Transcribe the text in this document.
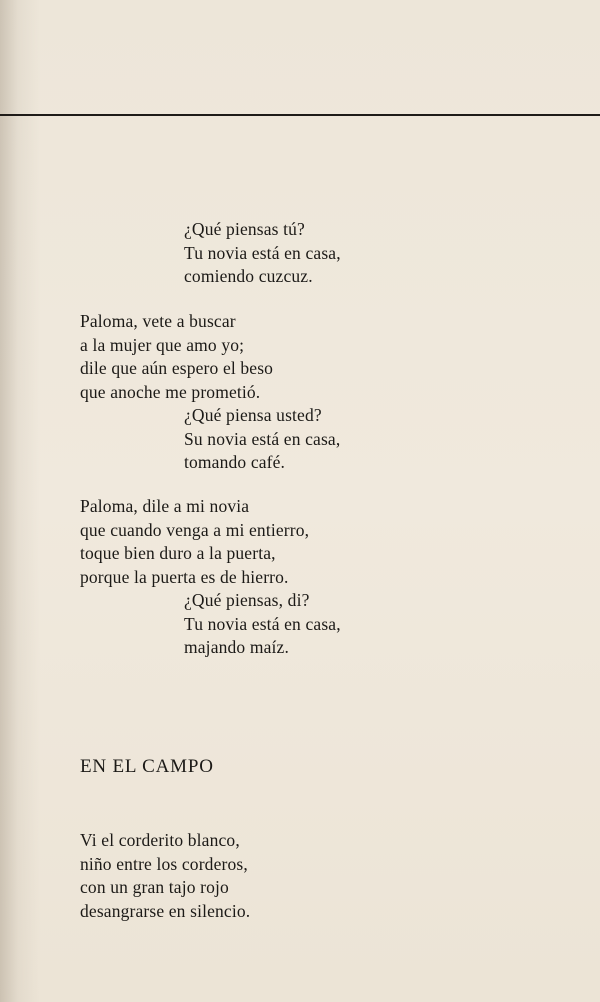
¿Qué piensas tú?
Tu novia está en casa,
comiendo cuzcuz.
Paloma, vete a buscar
a la mujer que amo yo;
dile que aún espero el beso
que anoche me prometió.
¿Qué piensa usted?
Su novia está en casa,
tomando café.
Paloma, dile a mi novia
que cuando venga a mi entierro,
toque bien duro a la puerta,
porque la puerta es de hierro.
¿Qué piensas, di?
Tu novia está en casa,
majando maíz.
EN EL CAMPO
Vi el corderito blanco,
niño entre los corderos,
con un gran tajo rojo
desangrarse en silencio.
